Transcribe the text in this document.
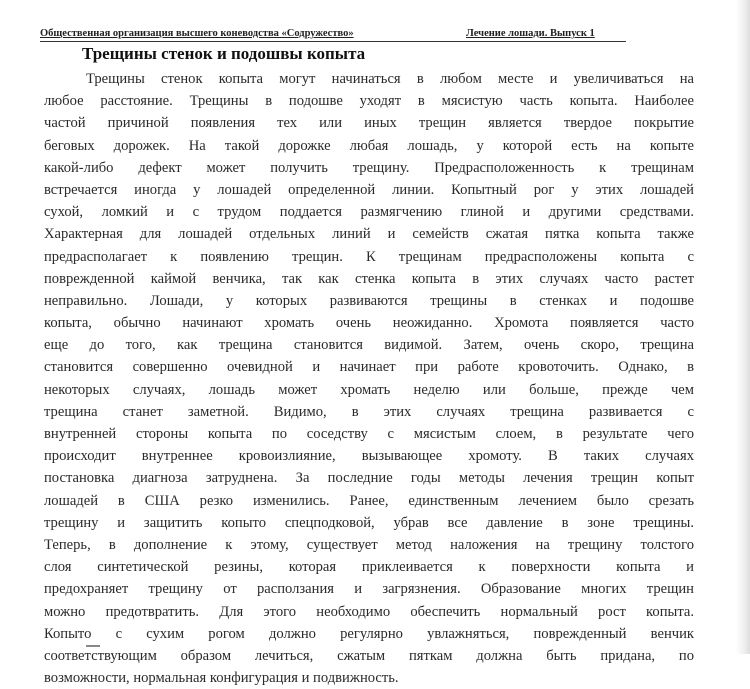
Общественная организация высшего коневодства «Содружество»	Лечение лошади. Выпуск 1
Трещины стенок и подошвы копыта
Трещины стенок копыта могут начинаться в любом месте и увеличиваться на
любое расстояние. Трещины в подошве уходят в мясистую часть копыта. Наиболее
частой причиной появления тех или иных трещин является твердое покрытие
беговых дорожек. На такой дорожке любая лошадь, у которой есть на копыте
какой-либо дефект может получить трещину. Предрасположенность к трещинам
встречается иногда у лошадей определенной линии. Копытный рог у этих лошадей
сухой, ломкий и с трудом поддается размягчению глиной и другими средствами.
Характерная для лошадей отдельных линий и семейств сжатая пятка копыта также
предрасполагает к появлению трещин. К трещинам предрасположены копыта с
поврежденной каймой венчика, так как стенка копыта в этих случаях часто растет
неправильно. Лошади, у которых развиваются трещины в стенках и подошве
копыта, обычно начинают хромать очень неожиданно. Хромота появляется часто
еще до того, как трещина становится видимой. Затем, очень скоро, трещина
становится совершенно очевидной и начинает при работе кровоточить. Однако, в
некоторых случаях, лошадь может хромать неделю или больше, прежде чем
трещина станет заметной. Видимо, в этих случаях трещина развивается с
внутренней стороны копыта по соседству с мясистым слоем, в результате чего
происходит внутреннее кровоизлияние, вызывающее хромоту. В таких случаях
постановка диагноза затруднена. За последние годы методы лечения трещин копыт
лошадей в США резко изменились. Ранее, единственным лечением было срезать
трещину и защитить копыто спецподковой, убрав все давление в зоне трещины.
Теперь, в дополнение к этому, существует метод наложения на трещину толстого
слоя синтетической резины, которая приклеивается к поверхности копыта и
предохраняет трещину от расползания и загрязнения. Образование многих трещин
можно предотвратить. Для этого необходимо обеспечить нормальный рост копыта.
Копыто с сухим рогом должно регулярно увлажняться, поврежденный венчик
соответствующим образом лечиться, сжатым пяткам должна быть придана, по
возможности, нормальная конфигурация и подвижность.
